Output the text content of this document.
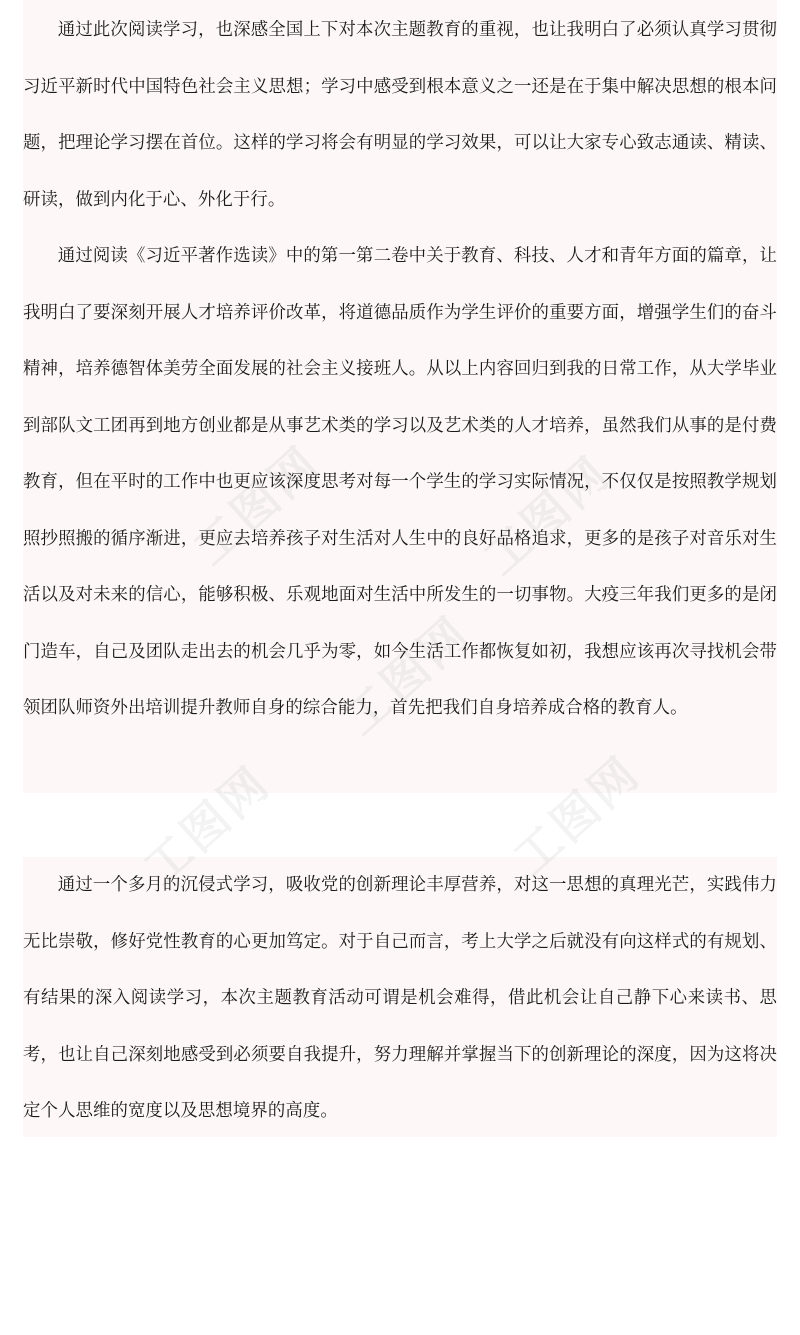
通过此次阅读学习，也深感全国上下对本次主题教育的重视，也让我明白了必须认真学习贯彻习近平新时代中国特色社会主义思想；学习中感受到根本意义之一还是在于集中解决思想的根本问题，把理论学习摆在首位。这样的学习将会有明显的学习效果，可以让大家专心致志通读、精读、研读，做到内化于心、外化于行。

通过阅读《习近平著作选读》中的第一第二卷中关于教育、科技、人才和青年方面的篇章，让我明白了要深刻开展人才培养评价改革，将道德品质作为学生评价的重要方面，增强学生们的奋斗精神，培养德智体美劳全面发展的社会主义接班人。从以上内容回归到我的日常工作，从大学毕业到部队文工团再到地方创业都是从事艺术类的学习以及艺术类的人才培养，虽然我们从事的是付费教育，但在平时的工作中也更应该深度思考对每一个学生的学习实际情况，不仅仅是按照教学规划照抄照搬的循序渐进，更应去培养孩子对生活对人生中的良好品格追求，更多的是孩子对音乐对生活以及对未来的信心，能够积极、乐观地面对生活中所发生的一切事物。大疫三年我们更多的是闭门造车，自己及团队走出去的机会几乎为零，如今生活工作都恢复如初，我想应该再次寻找机会带领团队师资外出培训提升教师自身的综合能力，首先把我们自身培养成合格的教育人。

通过一个多月的沉侵式学习，吸收党的创新理论丰厚营养，对这一思想的真理光芒，实践伟力无比崇敬，修好党性教育的心更加笃定。对于自己而言，考上大学之后就没有向这样式的有规划、有结果的深入阅读学习，本次主题教育活动可谓是机会难得，借此机会让自己静下心来读书、思考，也让自己深刻地感受到必须要自我提升，努力理解并掌握当下的创新理论的深度，因为这将决定个人思维的宽度以及思想境界的高度。

工图网	工图网
